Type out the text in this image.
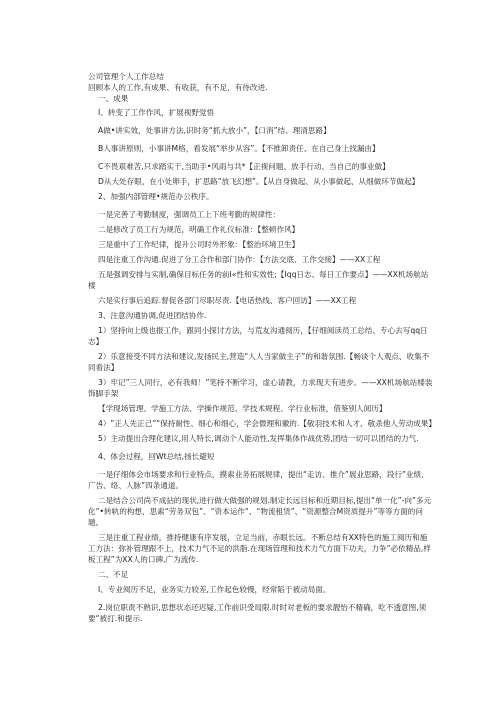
公司管理个人工作总结

回顾本人的工作,有成果、有收获，有不足，有待改进.

一、成果

I、转变了工作作风，扩展视野觉悟

A做•讲实效，处事讲方法,识时务“抓大放小”，【口消”结、理清思路】

B人事讲原则，小事讲M格，看发展“举步从容”。【不推卸责任、在自己身上找漏由】

C不畏艰难苦,只求踏实干,当助手•风雨与共*【正视问题、放手行动、当自己的事业做】

D从大处存眼，在小处卵手，扩思路“放飞幻想”。【从自身做起、从小事做起、从细做环节做起】

2、加强内部管理•规范办公秩序。

一是完善了考勤制度，强调员工上下班考勤的规律性：

二是修改了员工行为规范，明确工作礼仪标准：【整顿作风】

三是重中了工作纪律，提升公司时外形象：【整治环境卫生】

四是注重工作沟通.促进了分工合作和部门协作：【方法交底、工作交接】——XX工程

五是强调安排与实制,确保目标任务的前I«性和实效性;【Iqq日志、每日工作要点】——XX机场航站楼

六是实行事后追踪.督促各部门尽职尽责.【电话热线、客户回访】——XX工程

3、注意沟通协调,促进团结协作.

1）坚持向上级也报工作，跟同小探讨方法，与荒友沟通阅历，【仔细阅读员工总结、专心去写qq日志】

2）乐意接受不同方法和建议,发扬民主,营造“人人当家做主子”的和谐氛围.【畅谈个人观点、收集不同看法】

3）牢记”三人同行，必有我师！”笔持不断学习，虚心请教，力求现天有进步。——XX机场航站楼装饰脚手架

【学现场管理、学施工方法、学操作规范、学技术规程、学行业标准，借鉴别人阅历】

4）“正人先正己”“保持耐性、细心和细心，学会微理和徽的.【敬羽技术和人才、敬杀他人劳动成果】

5）主动提出合理化建议,用人特长,调动个人能动性,发挥集体作战优势,团结一切可以团结的力气.

4、体会过程，回Wt总结,扬长避短

一是仔细体会市场要求和行业特点，摸索业务拓展规律，提出“走访、推介”展业思路，段行”业绩、广告、络、人脉”四条通道。

二是结合公司尚不成拈的现状,进行做大做强的规划.制定长远目标和近期目标,提出“单一化”-向”多元化”•转轨的构想，思索“劳务双包”、“资本运作”、“物流租赁”、“资源整合M资质提升”等等方面的问题。

三是注重工程业绩，推持健康有序发展，立足当前，赤眼长远。不断总结有XX特色的施工阅历和施工方法：弥补管理跟不上，技术力气不足的洪脂.在现场管理和技术力气方面下功夫，力争”必依精品,样板工程”为XX人的口碑,广为流传.

二、不足

I、专业阅历不足，业务实力较差,工作起色较慢，经常陷于被动局面。

2.岗位职责不熟识,思想状态还迟疑,工作前识受局限.时时对老板的要求靓怡不精确，吃不透意图,须要“被打.和提示.
